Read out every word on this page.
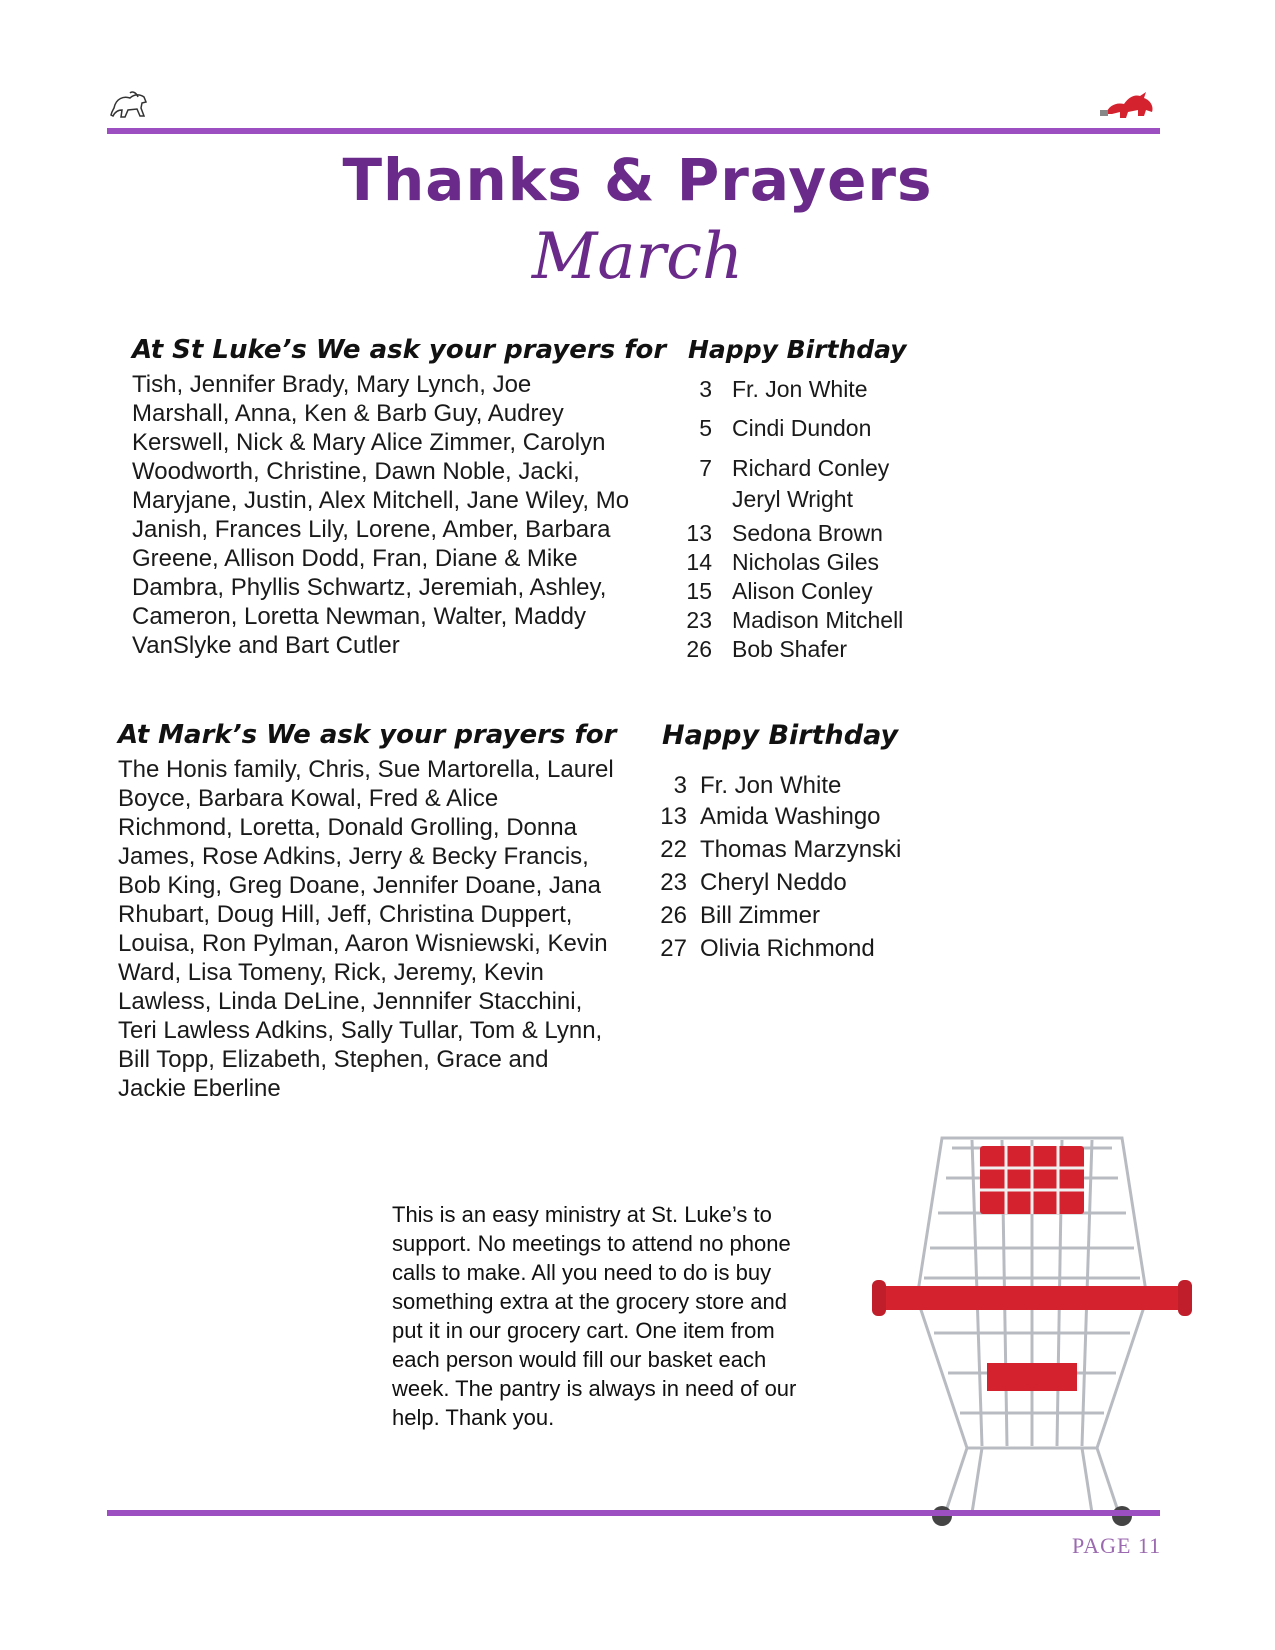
Thanks & Prayers
March
At St Luke’s We ask your prayers for
Tish, Jennifer Brady, Mary Lynch, Joe Marshall, Anna, Ken & Barb Guy, Audrey Kerswell, Nick & Mary Alice Zimmer, Carolyn Woodworth, Christine, Dawn Noble, Jacki, Maryjane, Justin, Alex Mitchell, Jane Wiley, Mo Janish, Frances Lily, Lorene, Amber, Barbara Greene, Allison Dodd, Fran, Diane & Mike Dambra, Phyllis Schwartz, Jeremiah, Ashley, Cameron, Loretta Newman, Walter, Maddy VanSlyke and Bart Cutler
Happy Birthday
3 Fr. Jon White
5 Cindi Dundon
7 Richard Conley
Jeryl Wright
13 Sedona Brown
14 Nicholas Giles
15 Alison Conley
23 Madison Mitchell
26 Bob Shafer
At Mark’s We ask your prayers for
The Honis family, Chris, Sue Martorella, Laurel Boyce, Barbara Kowal, Fred & Alice Richmond, Loretta, Donald Grolling, Donna James, Rose Adkins, Jerry & Becky Francis, Bob King, Greg Doane, Jennifer Doane, Jana Rhubart, Doug Hill, Jeff, Christina Duppert, Louisa, Ron Pylman, Aaron Wisniewski, Kevin Ward, Lisa Tomeny, Rick, Jeremy, Kevin Lawless, Linda DeLine, Jennnifer Stacchini, Teri Lawless Adkins, Sally Tullar, Tom & Lynn, Bill Topp, Elizabeth, Stephen, Grace and Jackie Eberline
Happy Birthday
3 Fr. Jon White
13 Amida Washingo
22 Thomas Marzynski
23 Cheryl Neddo
26 Bill Zimmer
27 Olivia Richmond
This is an easy ministry at St. Luke’s to support. No meetings to attend no phone calls to make. All you need to do is buy something extra at the grocery store and put it in our grocery cart. One item from each person would fill our basket each week. The pantry is always in need of our help. Thank you.
PAGE 11
